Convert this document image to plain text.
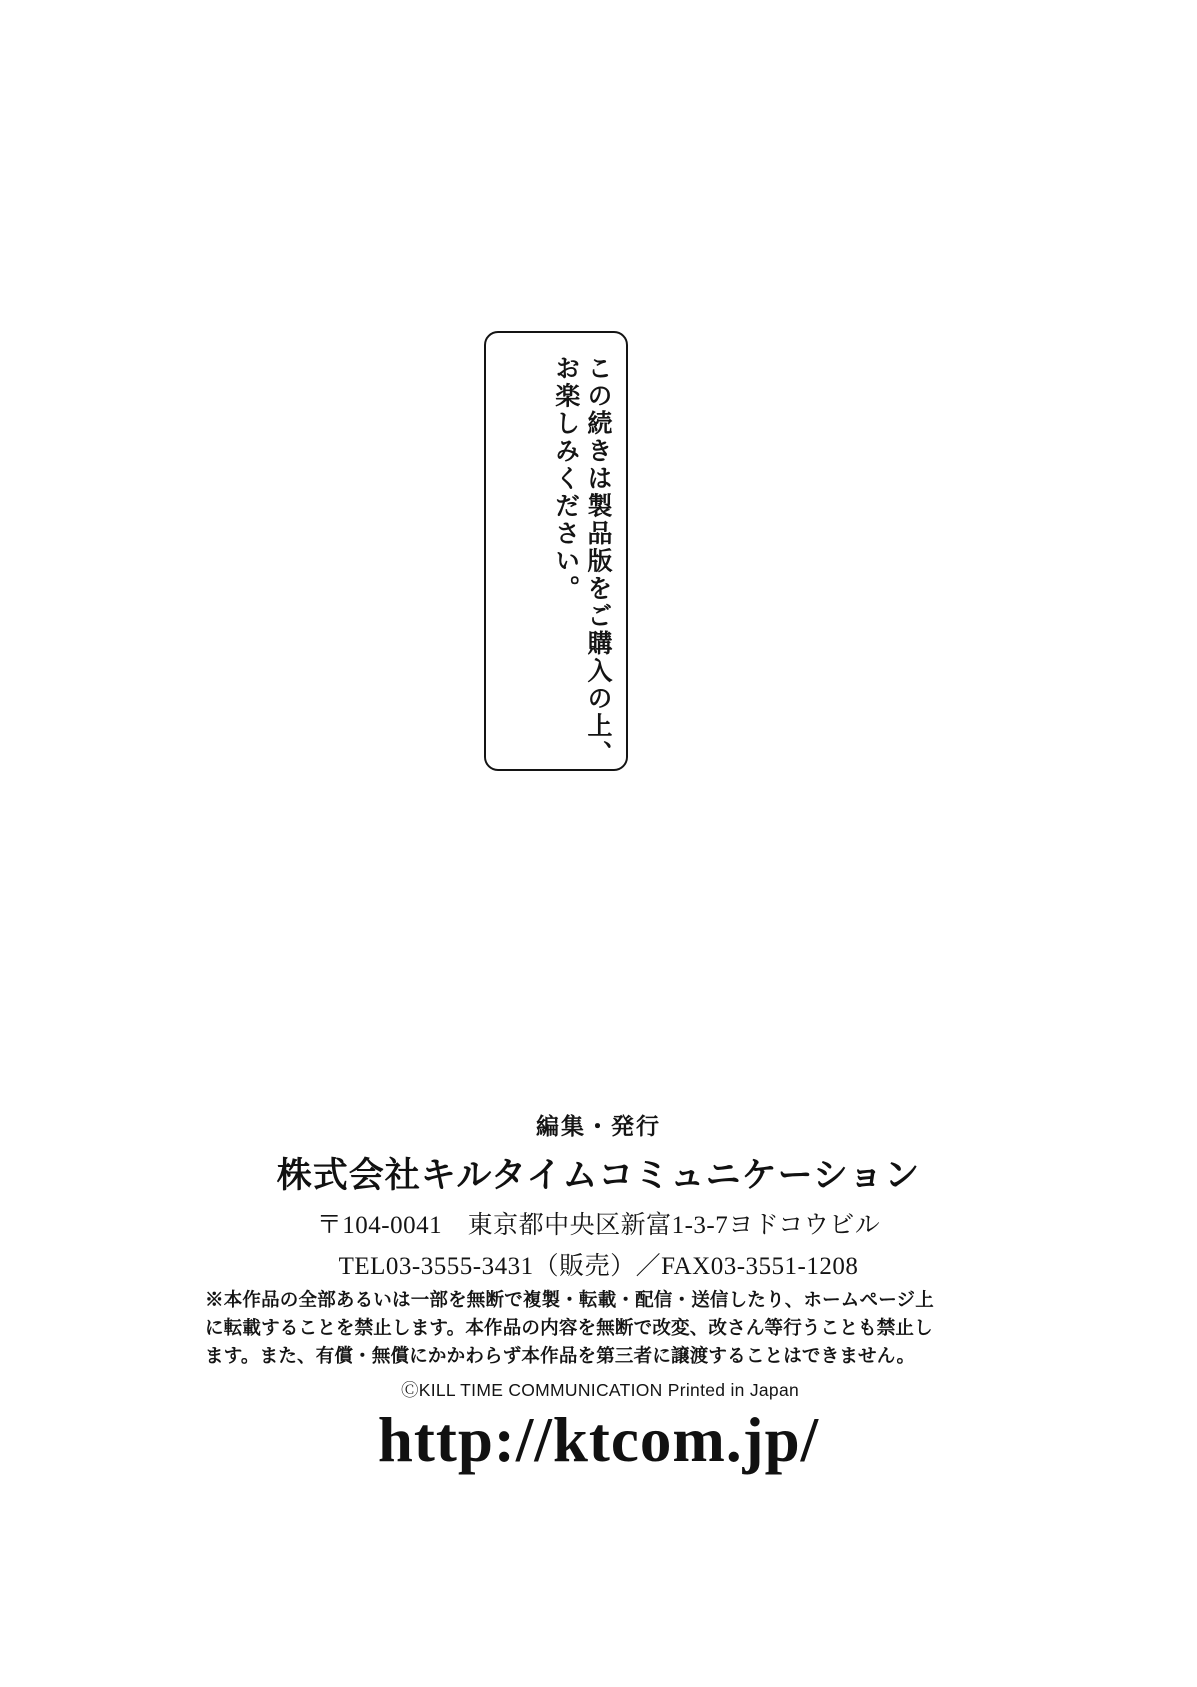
この続きは製品版をご購入の上、
お楽しみください。
編集・発行
株式会社キルタイムコミュニケーション
〒104-0041　東京都中央区新富1-3-7ヨドコウビル
TEL03-3555-3431（販売）／FAX03-3551-1208
※本作品の全部あるいは一部を無断で複製・転載・配信・送信したり、ホームページ上
に転載することを禁止します。本作品の内容を無断で改変、改さん等行うことも禁止し
ます。また、有償・無償にかかわらず本作品を第三者に譲渡することはできません。
ⒸKILL TIME COMMUNICATION Printed in Japan
http://ktcom.jp/
